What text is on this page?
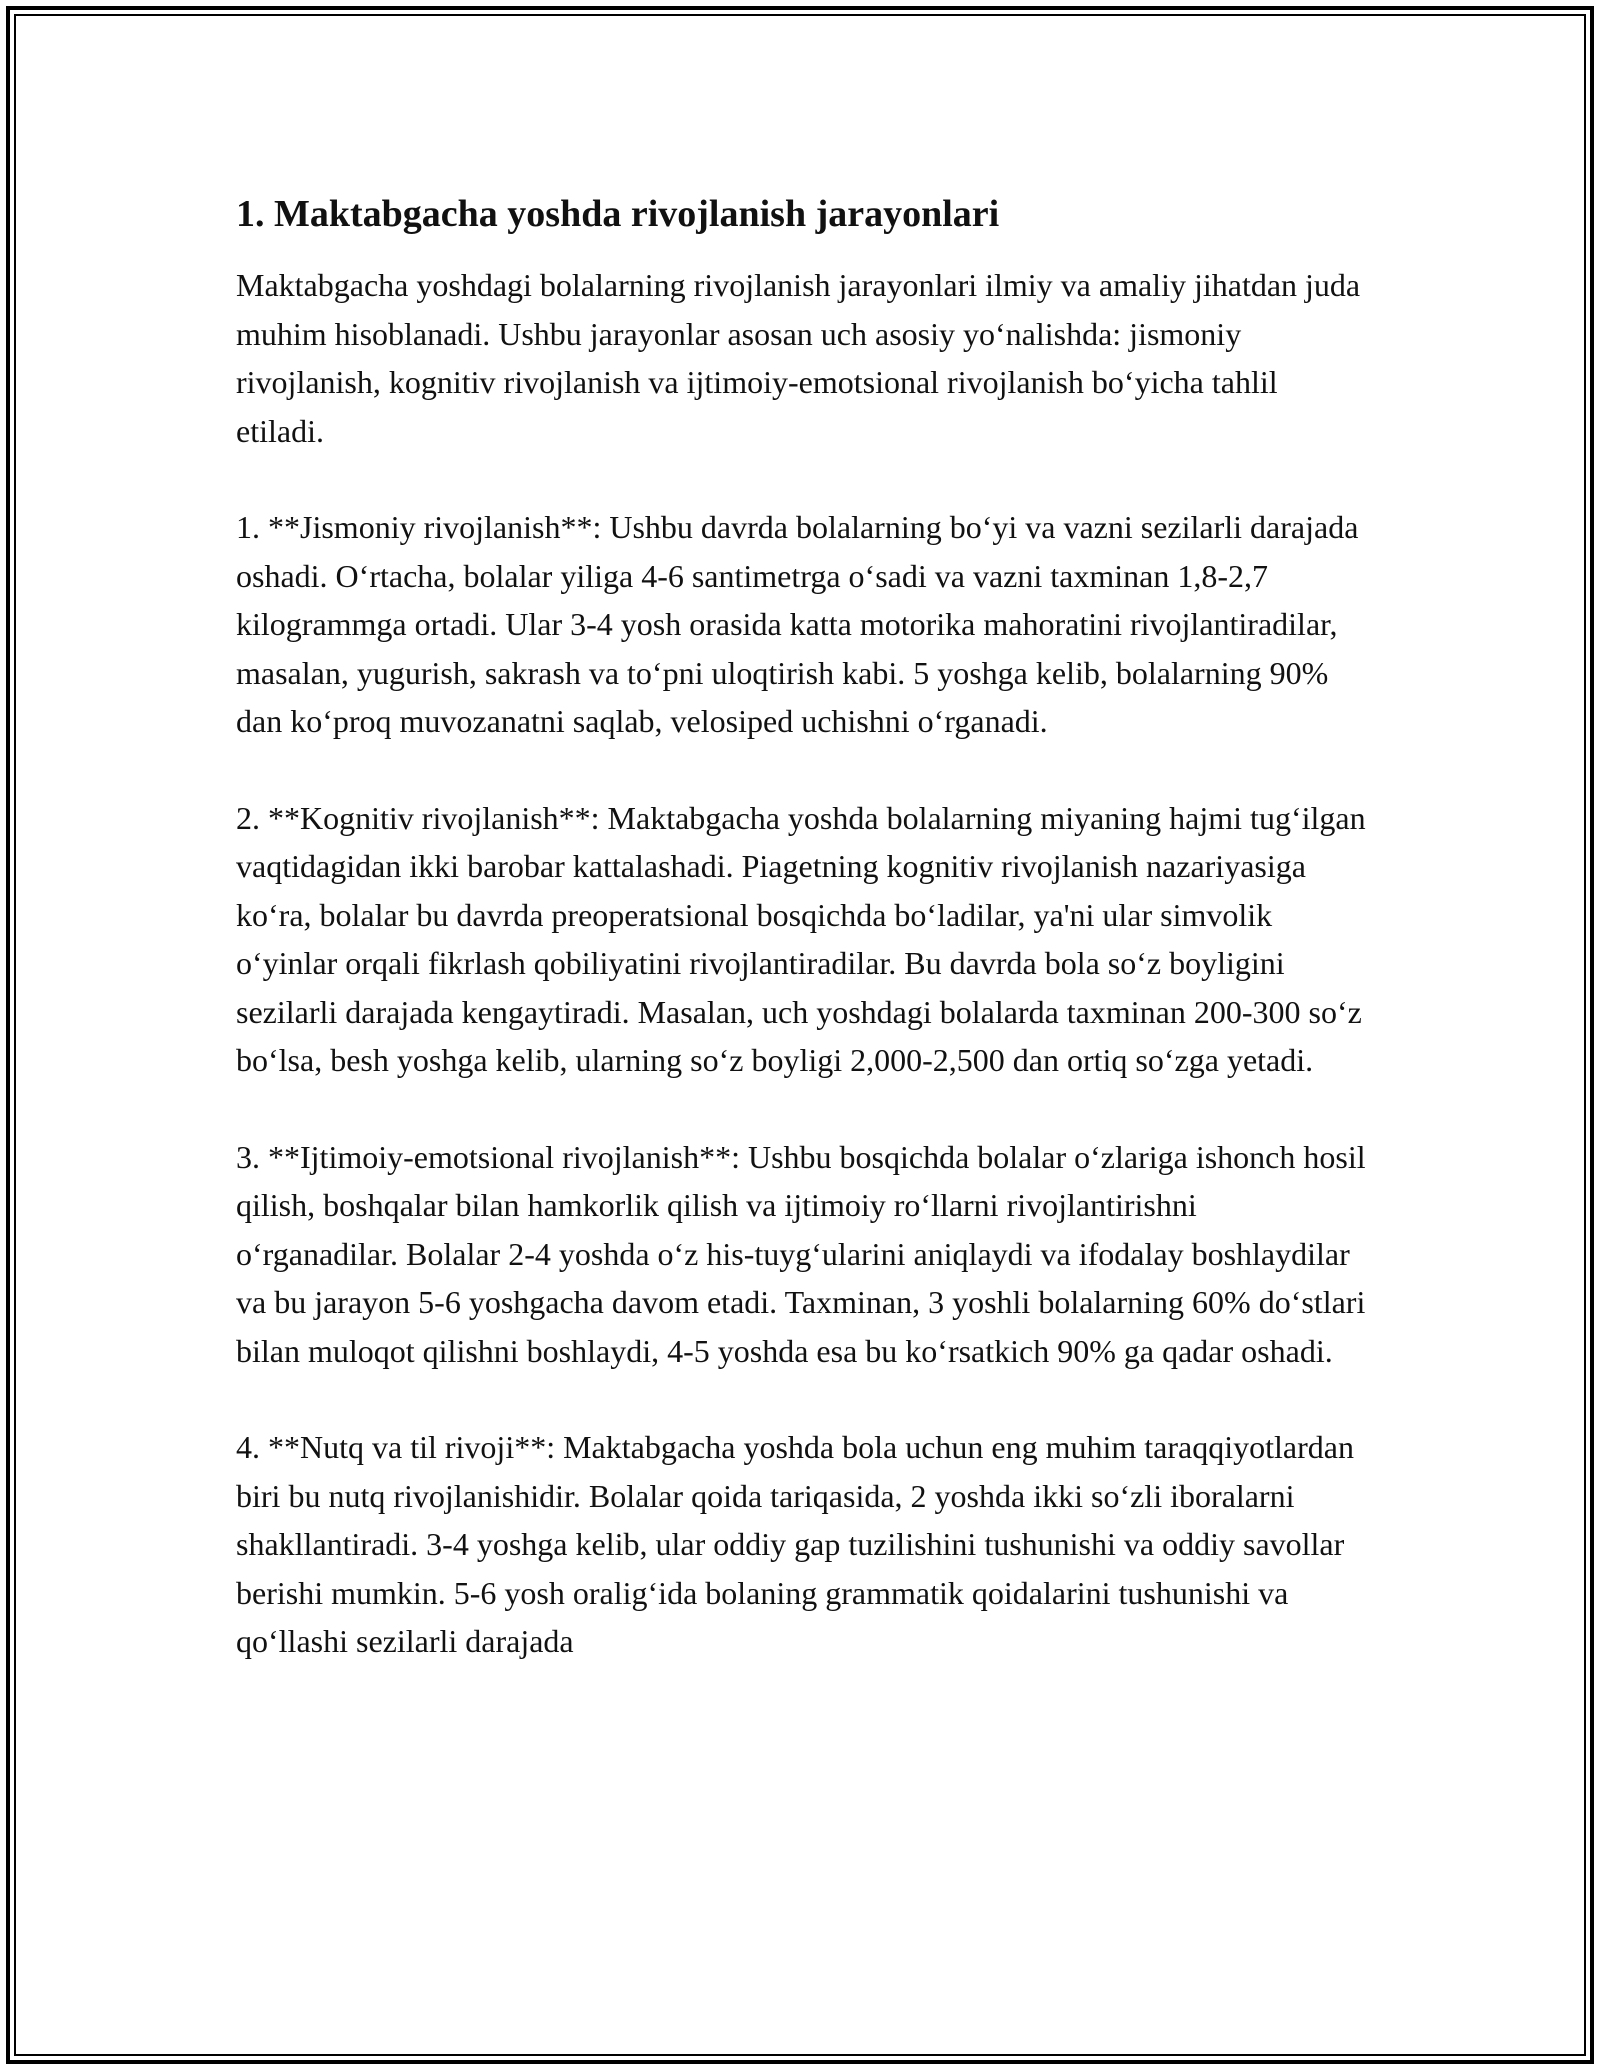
1. Maktabgacha yoshda rivojlanish jarayonlari

Maktabgacha yoshdagi bolalarning rivojlanish jarayonlari ilmiy va amaliy jihatdan juda muhim hisoblanadi. Ushbu jarayonlar asosan uch asosiy yo‘nalishda: jismoniy rivojlanish, kognitiv rivojlanish va ijtimoiy-emotsional rivojlanish bo‘yicha tahlil etiladi.

1. **Jismoniy rivojlanish**: Ushbu davrda bolalarning bo‘yi va vazni sezilarli darajada oshadi. O‘rtacha, bolalar yiliga 4-6 santimetrga o‘sadi va vazni taxminan 1,8-2,7 kilogrammga ortadi. Ular 3-4 yosh orasida katta motorika mahoratini rivojlantiradilar, masalan, yugurish, sakrash va to‘pni uloqtirish kabi. 5 yoshga kelib, bolalarning 90% dan ko‘proq muvozanatni saqlab, velosiped uchishni o‘rganadi.

2. **Kognitiv rivojlanish**: Maktabgacha yoshda bolalarning miyaning hajmi tug‘ilgan vaqtidagidan ikki barobar kattalashadi. Piagetning kognitiv rivojlanish nazariyasiga ko‘ra, bolalar bu davrda preoperatsional bosqichda bo‘ladilar, ya'ni ular simvolik o‘yinlar orqali fikrlash qobiliyatini rivojlantiradilar. Bu davrda bola so‘z boyligini sezilarli darajada kengaytiradi. Masalan, uch yoshdagi bolalarda taxminan 200-300 so‘z bo‘lsa, besh yoshga kelib, ularning so‘z boyligi 2,000-2,500 dan ortiq so‘zga yetadi.

3. **Ijtimoiy-emotsional rivojlanish**: Ushbu bosqichda bolalar o‘zlariga ishonch hosil qilish, boshqalar bilan hamkorlik qilish va ijtimoiy ro‘llarni rivojlantirishni o‘rganadilar. Bolalar 2-4 yoshda o‘z his-tuyg‘ularini aniqlaydi va ifodalay boshlaydilar va bu jarayon 5-6 yoshgacha davom etadi. Taxminan, 3 yoshli bolalarning 60% do‘stlari bilan muloqot qilishni boshlaydi, 4-5 yoshda esa bu ko‘rsatkich 90% ga qadar oshadi.

4. **Nutq va til rivoji**: Maktabgacha yoshda bola uchun eng muhim taraqqiyotlardan biri bu nutq rivojlanishidir. Bolalar qoida tariqasida, 2 yoshda ikki so‘zli iboralarni shakllantiradi. 3-4 yoshga kelib, ular oddiy gap tuzilishini tushunishi va oddiy savollar berishi mumkin. 5-6 yosh oralig‘ida bolaning grammatik qoidalarini tushunishi va qo‘llashi sezilarli darajada
